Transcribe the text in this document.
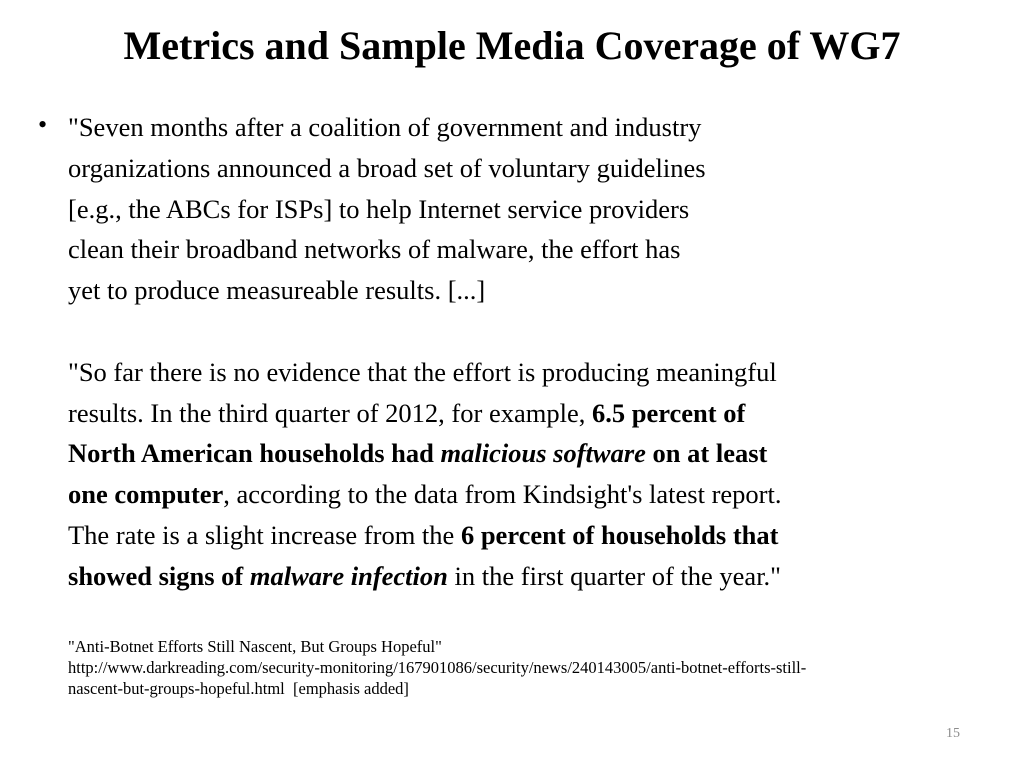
Metrics and Sample Media Coverage of WG7
• "Seven months after a coalition of government and industry
organizations announced a broad set of voluntary guidelines
[e.g., the ABCs for ISPs] to help Internet service providers
clean their broadband networks of malware, the effort has
yet to produce measureable results. [...]

"So far there is no evidence that the effort is producing meaningful
results. In the third quarter of 2012, for example, 6.5 percent of
North American households had malicious software on at least
one computer, according to the data from Kindsight's latest report.
The rate is a slight increase from the 6 percent of households that
showed signs of malware infection in the first quarter of the year."

"Anti-Botnet Efforts Still Nascent, But Groups Hopeful"
http://www.darkreading.com/security-monitoring/167901086/security/news/240143005/anti-botnet-efforts-still-
nascent-but-groups-hopeful.html [emphasis added]
15
